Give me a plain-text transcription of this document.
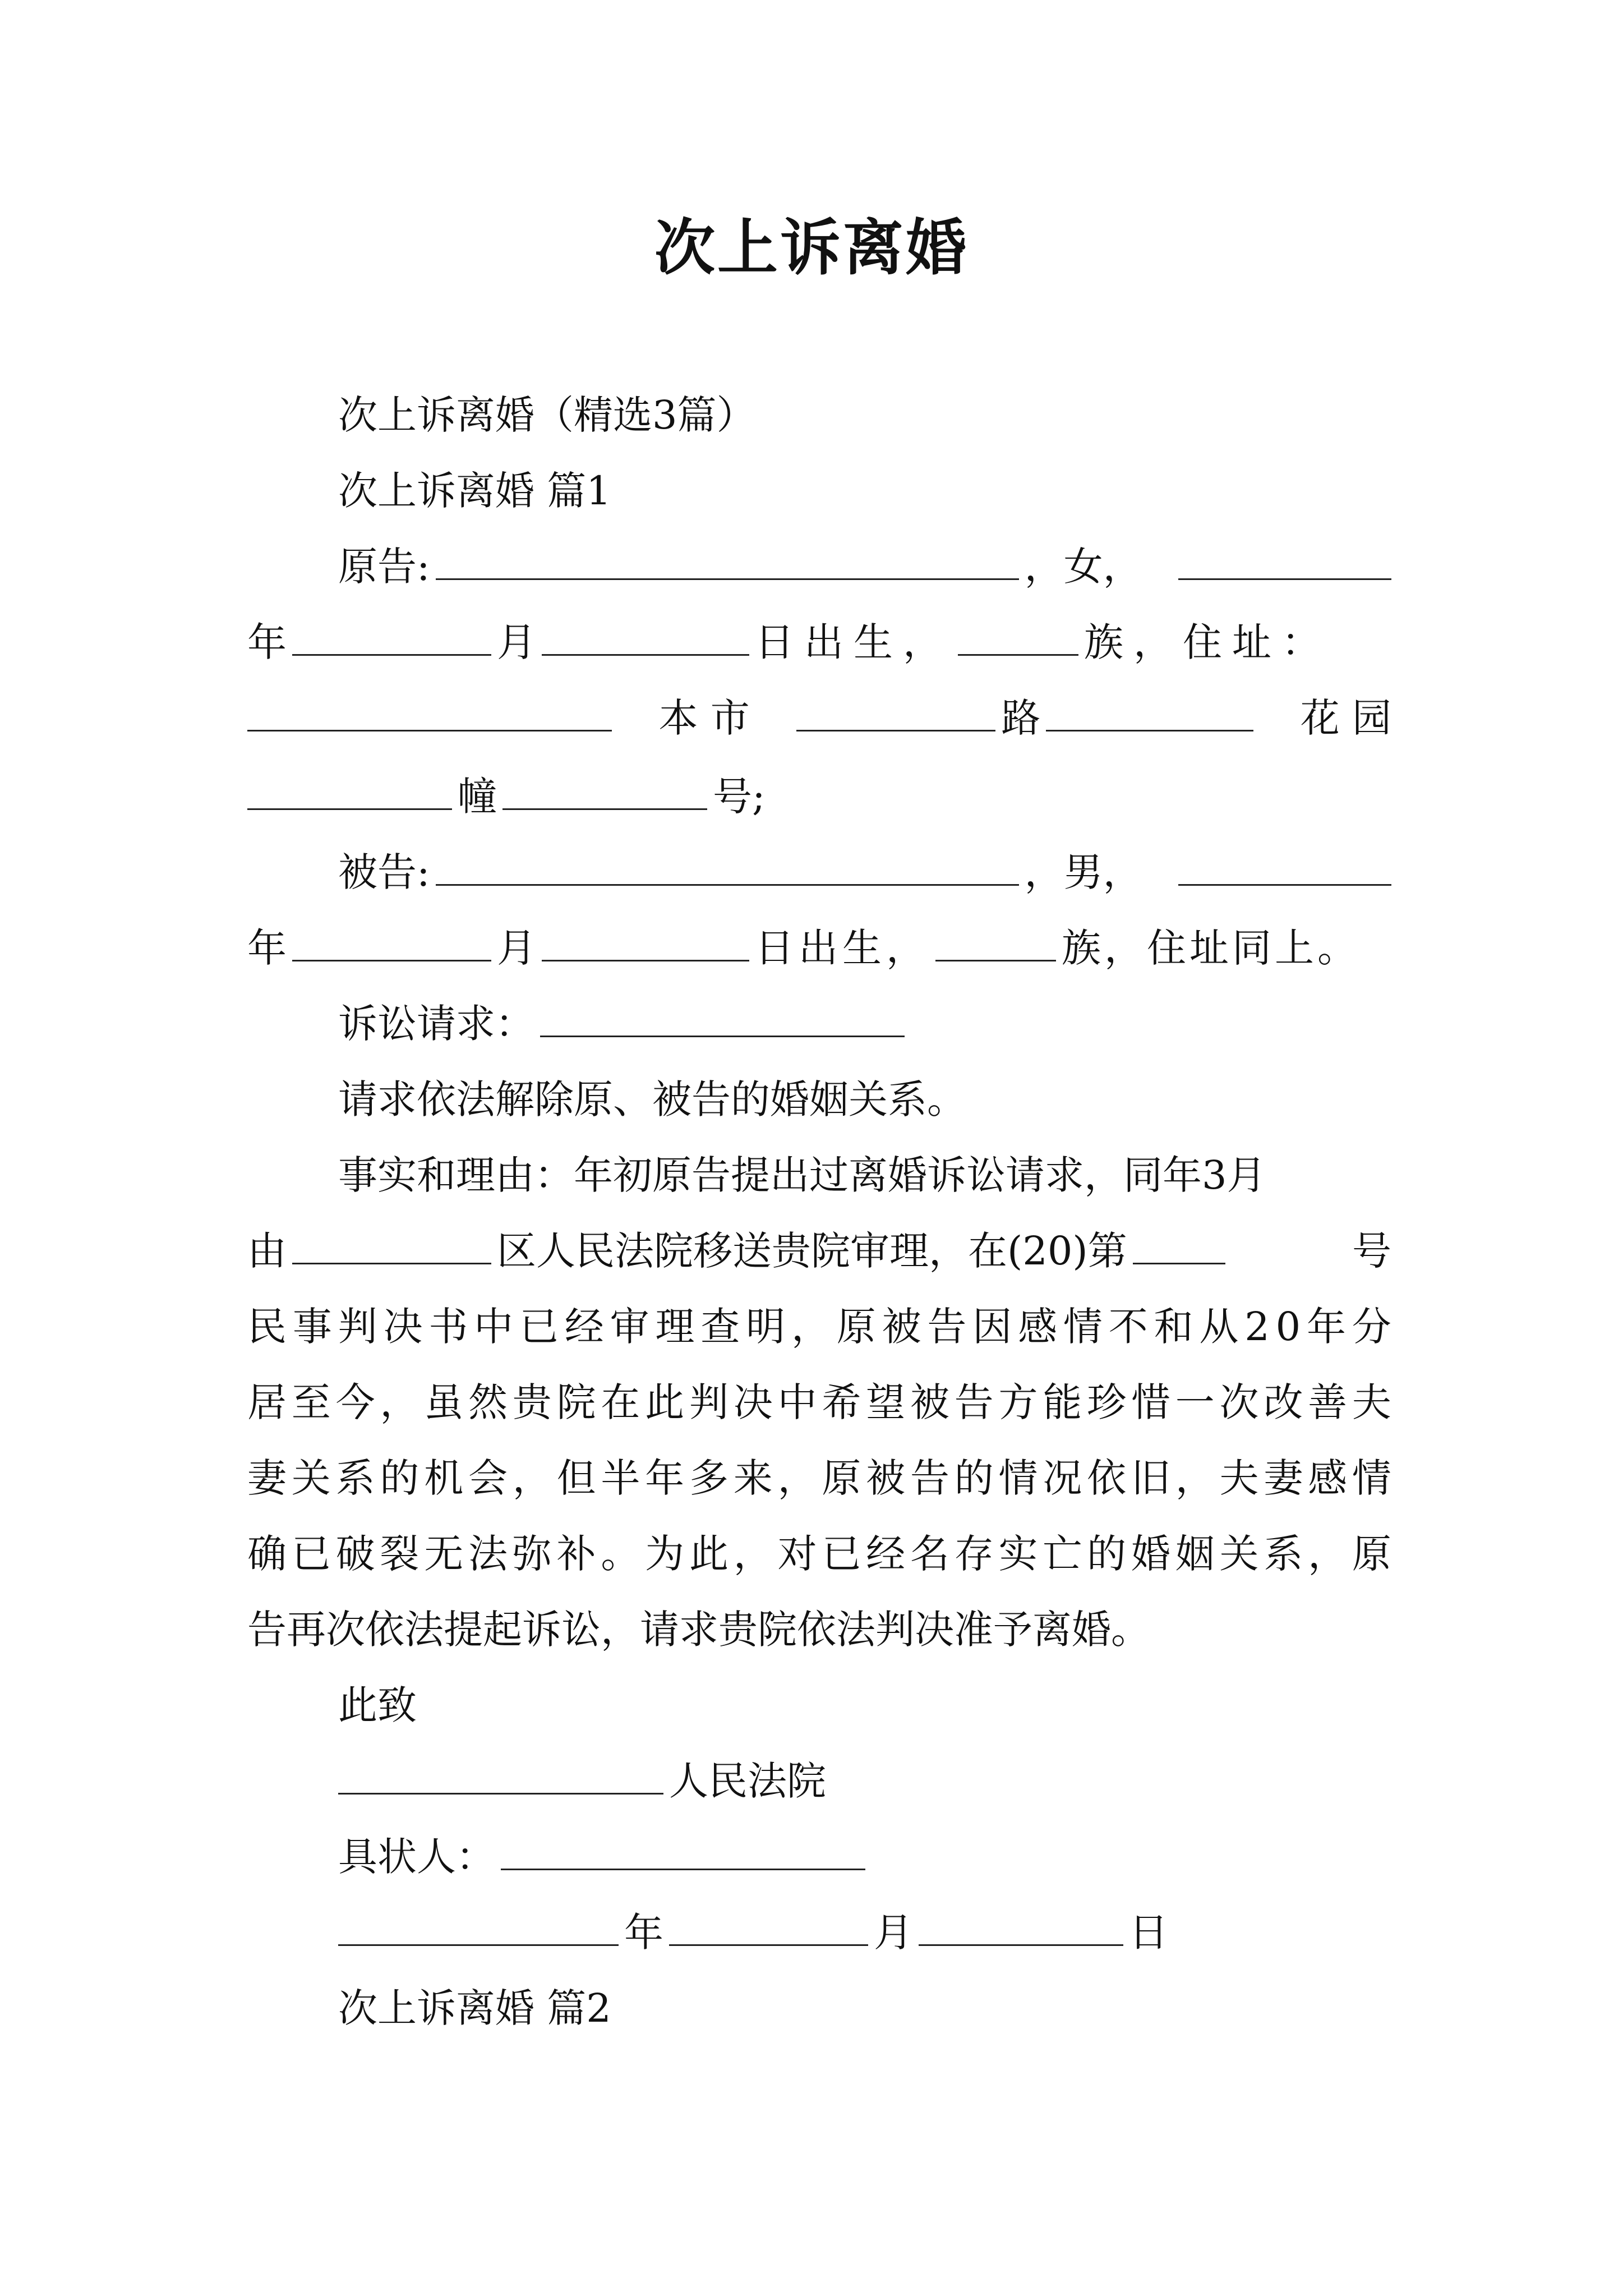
次上诉离婚
次上诉离婚（精选3篇）
次上诉离婚 篇1
原告:	，女，
年	月	日出生，	族，住址：
本 市	路	花 园
幢	号;
被告:	，男，
年	月	日出生，	族，住址同上。
诉讼请求：
请求依法解除原、被告的婚姻关系。
事实和理由：年初原告提出过离婚诉讼请求，同年3月
由	区人民法院移送贵院审理，在(20)第	号
民 事 判 决 书 中 已 经 审 理 查 明 ， 原 被 告 因 感 情 不 和 从 2 0 年 分
居 至 今 ， 虽 然 贵 院 在 此 判 决 中 希 望 被 告 方 能 珍 惜 一 次 改 善 夫
妻 关 系 的 机 会 ， 但 半 年 多 来 ， 原 被 告 的 情 况 依 旧 ， 夫 妻 感 情
确 已 破 裂 无 法 弥 补 。 为 此 ， 对 已 经 名 存 实 亡 的 婚 姻 关 系 ， 原
告再次依法提起诉讼，请求贵院依法判决准予离婚。
此致
人民法院
具状人：
年	月	日
次上诉离婚 篇2
